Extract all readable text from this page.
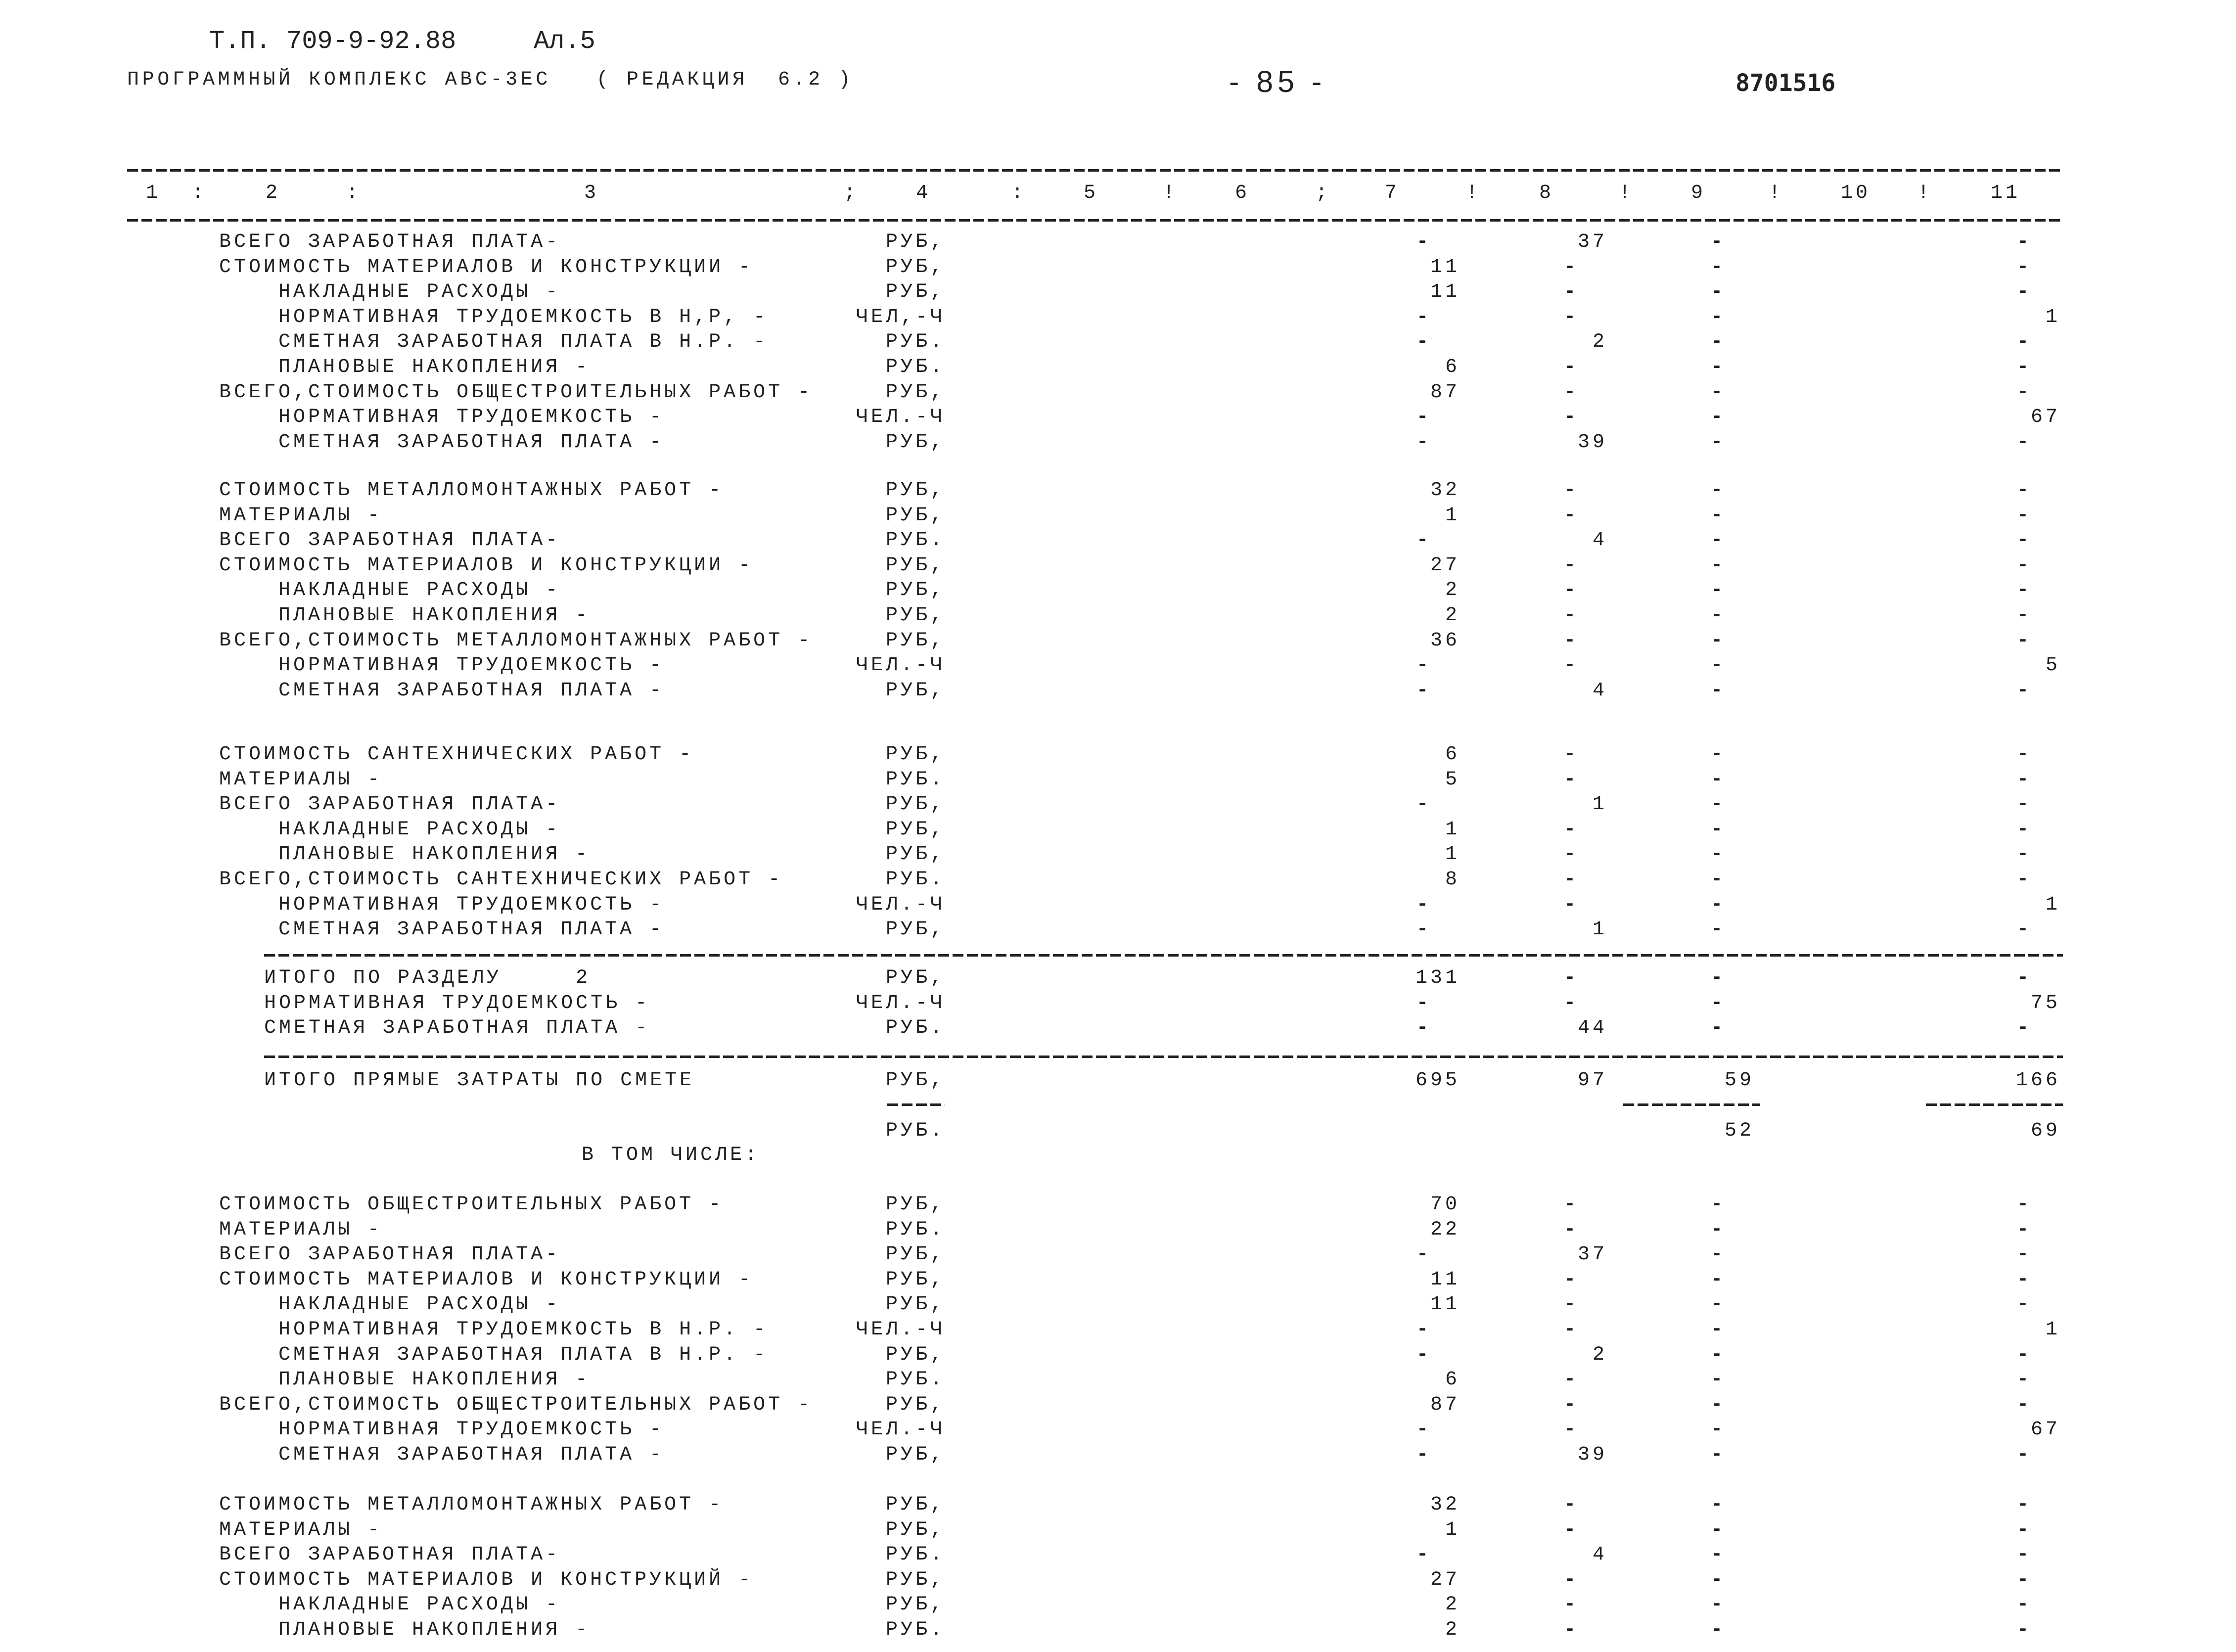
Т.П. 709-9-92.88	Ал.5
ПРОГРАММНЫЙ КОМПЛЕКС АВС-3ЕС   ( РЕДАКЦИЯ  6.2 )	- 85 -	8701516
1 :	2	:	3	;	4	:	5	!	6	;	7	!	8	!	9	!	10 !	11
ВСЕГО ЗАРАБОТНАЯ ПЛАТА-	РУБ,	-	37	-	-
СТОИМОСТЬ МАТЕРИАЛОВ И КОНСТРУКЦИИ -	РУБ,	11	-	-	-
НАКЛАДНЫЕ РАСХОДЫ -	РУБ,	11	-	-	-
НОРМАТИВНАЯ ТРУДОЕМКОСТЬ В Н,Р, -	ЧЕЛ,-Ч	-	-	-	1
СМЕТНАЯ ЗАРАБОТНАЯ ПЛАТА В Н.Р. -	РУБ.	-	2	-	-
ПЛАНОВЫЕ НАКОПЛЕНИЯ -	РУБ.	6	-	-	-
ВСЕГО,СТОИМОСТЬ ОБЩЕСТРОИТЕЛЬНЫХ РАБОТ -	РУБ,	87	-	-	-
НОРМАТИВНАЯ ТРУДОЕМКОСТЬ -	ЧЕЛ.-Ч	-	-	-	67
СМЕТНАЯ ЗАРАБОТНАЯ ПЛАТА -	РУБ,	-	39	-	-
СТОИМОСТЬ МЕТАЛЛОМОНТАЖНЫХ РАБОТ -	РУБ,	32	-	-	-
МАТЕРИАЛЫ -	РУБ,	1	-	-	-
ВСЕГО ЗАРАБОТНАЯ ПЛАТА-	РУБ.	-	4	-	-
СТОИМОСТЬ МАТЕРИАЛОВ И КОНСТРУКЦИИ -	РУБ,	27	-	-	-
НАКЛАДНЫЕ РАСХОДЫ -	РУБ,	2	-	-	-
ПЛАНОВЫЕ НАКОПЛЕНИЯ -	РУБ,	2	-	-	-
ВСЕГО,СТОИМОСТЬ МЕТАЛЛОМОНТАЖНЫХ РАБОТ -	РУБ,	36	-	-	-
НОРМАТИВНАЯ ТРУДОЕМКОСТЬ -	ЧЕЛ.-Ч	-	-	-	5
СМЕТНАЯ ЗАРАБОТНАЯ ПЛАТА -	РУБ,	-	4	-	-
СТОИМОСТЬ САНТЕХНИЧЕСКИХ РАБОТ -	РУБ,	6	-	-	-
МАТЕРИАЛЫ -	РУБ.	5	-	-	-
ВСЕГО ЗАРАБОТНАЯ ПЛАТА-	РУБ,	-	1	-	-
НАКЛАДНЫЕ РАСХОДЫ -	РУБ,	1	-	-	-
ПЛАНОВЫЕ НАКОПЛЕНИЯ -	РУБ,	1	-	-	-
ВСЕГО,СТОИМОСТЬ САНТЕХНИЧЕСКИХ РАБОТ -	РУБ.	8	-	-	-
НОРМАТИВНАЯ ТРУДОЕМКОСТЬ -	ЧЕЛ.-Ч	-	-	-	1
СМЕТНАЯ ЗАРАБОТНАЯ ПЛАТА -	РУБ,	-	1	-	-
ИТОГО ПО РАЗДЕЛУ     2	РУБ,	131	-	-	-
НОРМАТИВНАЯ ТРУДОЕМКОСТЬ -	ЧЕЛ.-Ч	-	-	-	75
СМЕТНАЯ ЗАРАБОТНАЯ ПЛАТА -	РУБ.	-	44	-	-
ИТОГО ПРЯМЫЕ ЗАТРАТЫ ПО СМЕТЕ	РУБ,	695	97	59	166
РУБ.	52	69
В ТОМ ЧИСЛЕ:
СТОИМОСТЬ ОБЩЕСТРОИТЕЛЬНЫХ РАБОТ -	РУБ,	70	-	-	-
МАТЕРИАЛЫ -	РУБ.	22	-	-	-
ВСЕГО ЗАРАБОТНАЯ ПЛАТА-	РУБ,	-	37	-	-
СТОИМОСТЬ МАТЕРИАЛОВ И КОНСТРУКЦИИ -	РУБ,	11	-	-	-
НАКЛАДНЫЕ РАСХОДЫ -	РУБ,	11	-	-	-
НОРМАТИВНАЯ ТРУДОЕМКОСТЬ В Н.Р. -	ЧЕЛ.-Ч	-	-	-	1
СМЕТНАЯ ЗАРАБОТНАЯ ПЛАТА В Н.Р. -	РУБ,	-	2	-	-
ПЛАНОВЫЕ НАКОПЛЕНИЯ -	РУБ.	6	-	-	-
ВСЕГО,СТОИМОСТЬ ОБЩЕСТРОИТЕЛЬНЫХ РАБОТ -	РУБ,	87	-	-	-
НОРМАТИВНАЯ ТРУДОЕМКОСТЬ -	ЧЕЛ.-Ч	-	-	-	67
СМЕТНАЯ ЗАРАБОТНАЯ ПЛАТА -	РУБ,	-	39	-	-
СТОИМОСТЬ МЕТАЛЛОМОНТАЖНЫХ РАБОТ -	РУБ,	32	-	-	-
МАТЕРИАЛЫ -	РУБ,	1	-	-	-
ВСЕГО ЗАРАБОТНАЯ ПЛАТА-	РУБ.	-	4	-	-
СТОИМОСТЬ МАТЕРИАЛОВ И КОНСТРУКЦИЙ -	РУБ,	27	-	-	-
НАКЛАДНЫЕ РАСХОДЫ -	РУБ,	2	-	-	-
ПЛАНОВЫЕ НАКОПЛЕНИЯ -	РУБ.	2	-	-	-
